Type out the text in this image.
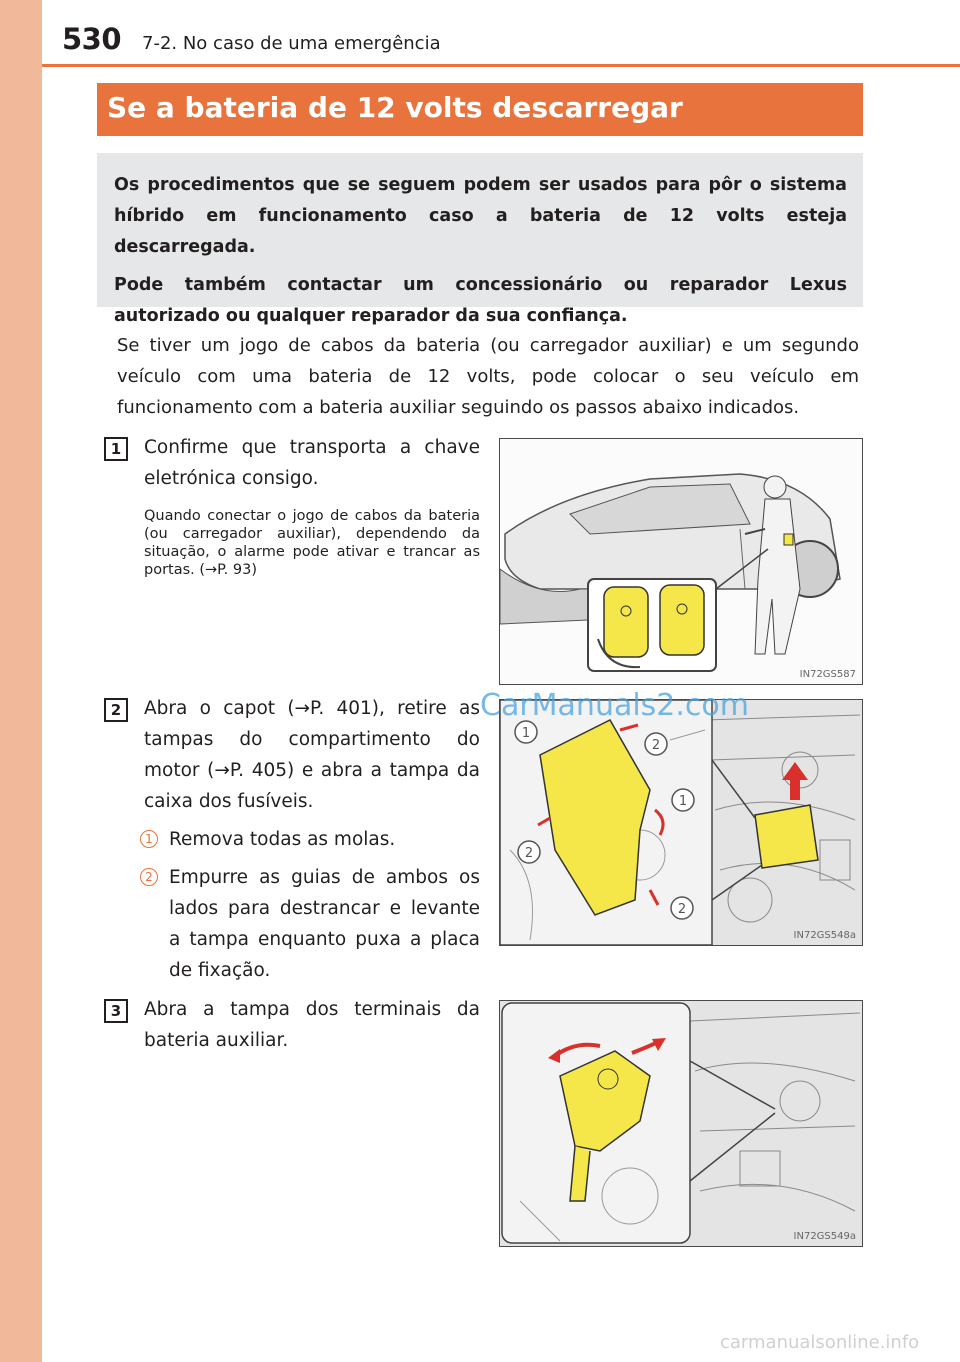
530 7-2. No caso de uma emergência
Se a bateria de 12 volts descarregar

Os procedimentos que se seguem podem ser usados para pôr o sistema híbrido em funcionamento caso a bateria de 12 volts esteja descarregada.

Pode também contactar um concessionário ou reparador Lexus autorizado ou qualquer reparador da sua confiança.

Se tiver um jogo de cabos da bateria (ou carregador auxiliar) e um segundo veículo com uma bateria de 12 volts, pode colocar o seu veículo em funcionamento com a bateria auxiliar seguindo os passos abaixo indicados.

1	Confirme que transporta a chave eletrónica consigo.

Quando conectar o jogo de cabos da bateria (ou carregador auxiliar), dependendo da situação, o alarme pode ativar e trancar as portas. (→P. 93)

IN72GS587
2	Abra o capot (→P. 401), retire as tampas do compartimento do motor (→P. 405) e abra a tampa da caixa dos fusíveis.

1 Remova todas as molas.

2 Empurre as guias de ambos os lados para destrancar e levante a tampa enquanto puxa a placa de fixação.

1
2
1
2
2
IN72GS548a
3	Abra a tampa dos terminais da bateria auxiliar.

IN72GS549a
CarManuals2.com
carmanualsonline.info
